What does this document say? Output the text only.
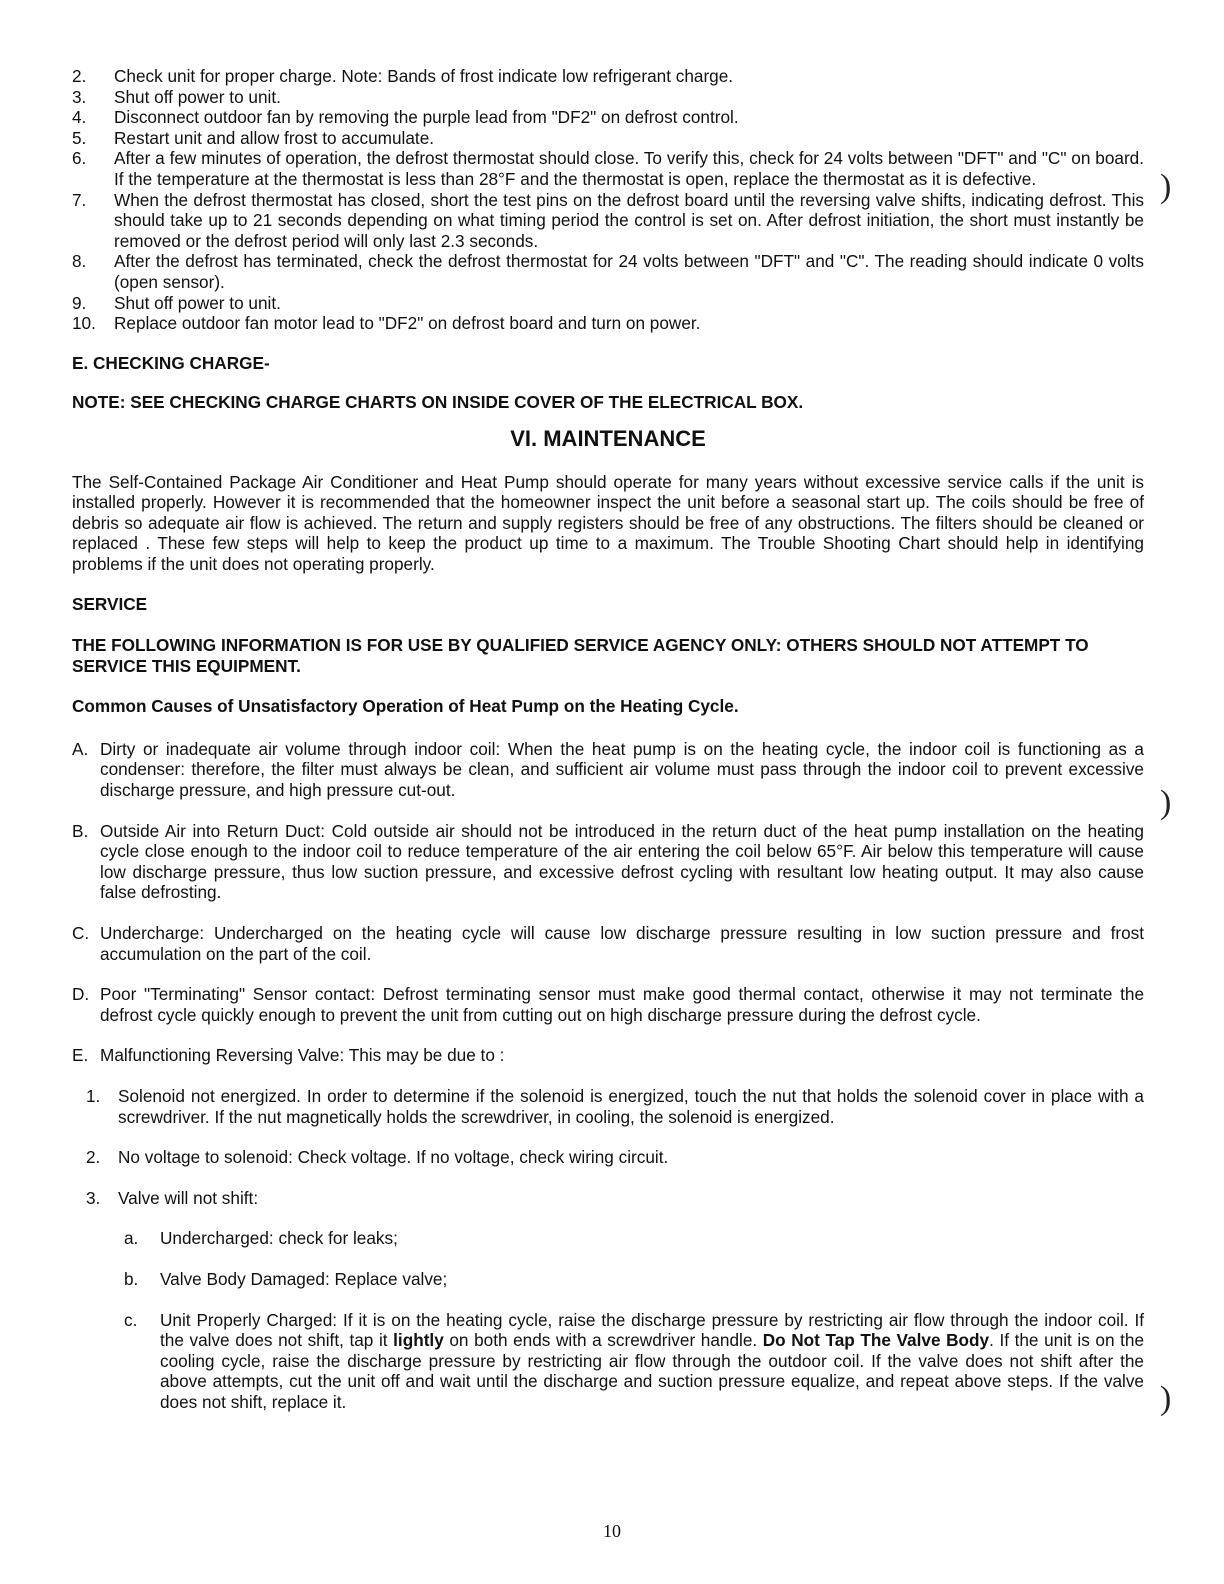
2.	Check unit for proper charge. Note: Bands of frost indicate low refrigerant charge.
3.	Shut off power to unit.
4.	Disconnect outdoor fan by removing the purple lead from "DF2" on defrost control.
5.	Restart unit and allow frost to accumulate.
6.	After a few minutes of operation, the defrost thermostat should close. To verify this, check for 24 volts between "DFT" and "C" on board. If the temperature at the thermostat is less than 28°F and the thermostat is open, replace the thermostat as it is defective.
7.	When the defrost thermostat has closed, short the test pins on the defrost board until the reversing valve shifts, indicating defrost. This should take up to 21 seconds depending on what timing period the control is set on. After defrost initiation, the short must instantly be removed or the defrost period will only last 2.3 seconds.
8.	After the defrost has terminated, check the defrost thermostat for 24 volts between "DFT" and "C". The reading should indicate 0 volts (open sensor).
9.	Shut off power to unit.
10.	Replace outdoor fan motor lead to "DF2" on defrost board and turn on power.
E. CHECKING CHARGE-
NOTE: SEE CHECKING CHARGE CHARTS ON INSIDE COVER OF THE ELECTRICAL BOX.
VI. MAINTENANCE
The Self-Contained Package Air Conditioner and Heat Pump should operate for many years without excessive service calls if the unit is installed properly. However it is recommended that the homeowner inspect the unit before a seasonal start up. The coils should be free of debris so adequate air flow is achieved. The return and supply registers should be free of any obstructions. The filters should be cleaned or replaced . These few steps will help to keep the product up time to a maximum. The Trouble Shooting Chart should help in identifying problems if the unit does not operating properly.
SERVICE
THE FOLLOWING INFORMATION IS FOR USE BY QUALIFIED SERVICE AGENCY ONLY: OTHERS SHOULD NOT ATTEMPT TO SERVICE THIS EQUIPMENT.
Common Causes of Unsatisfactory Operation of Heat Pump on the Heating Cycle.
A. Dirty or inadequate air volume through indoor coil: When the heat pump is on the heating cycle, the indoor coil is functioning as a condenser: therefore, the filter must always be clean, and sufficient air volume must pass through the indoor coil to prevent excessive discharge pressure, and high pressure cut-out.
B. Outside Air into Return Duct: Cold outside air should not be introduced in the return duct of the heat pump installation on the heating cycle close enough to the indoor coil to reduce temperature of the air entering the coil below 65°F. Air below this temperature will cause low discharge pressure, thus low suction pressure, and excessive defrost cycling with resultant low heating output. It may also cause false defrosting.
C. Undercharge: Undercharged on the heating cycle will cause low discharge pressure resulting in low suction pressure and frost accumulation on the part of the coil.
D. Poor "Terminating" Sensor contact: Defrost terminating sensor must make good thermal contact, otherwise it may not terminate the defrost cycle quickly enough to prevent the unit from cutting out on high discharge pressure during the defrost cycle.
E. Malfunctioning Reversing Valve: This may be due to :
1.	Solenoid not energized. In order to determine if the solenoid is energized, touch the nut that holds the solenoid cover in place with a screwdriver. If the nut magnetically holds the screwdriver, in cooling, the solenoid is energized.
2.	No voltage to solenoid: Check voltage. If no voltage, check wiring circuit.
3.	Valve will not shift:
a.	Undercharged: check for leaks;
b.	Valve Body Damaged: Replace valve;
c.	Unit Properly Charged: If it is on the heating cycle, raise the discharge pressure by restricting air flow through the indoor coil. If the valve does not shift, tap it lightly on both ends with a screwdriver handle. Do Not Tap The Valve Body. If the unit is on the cooling cycle, raise the discharge pressure by restricting air flow through the outdoor coil. If the valve does not shift after the above attempts, cut the unit off and wait until the discharge and suction pressure equalize, and repeat above steps. If the valve does not shift, replace it.
)
)
)
10
